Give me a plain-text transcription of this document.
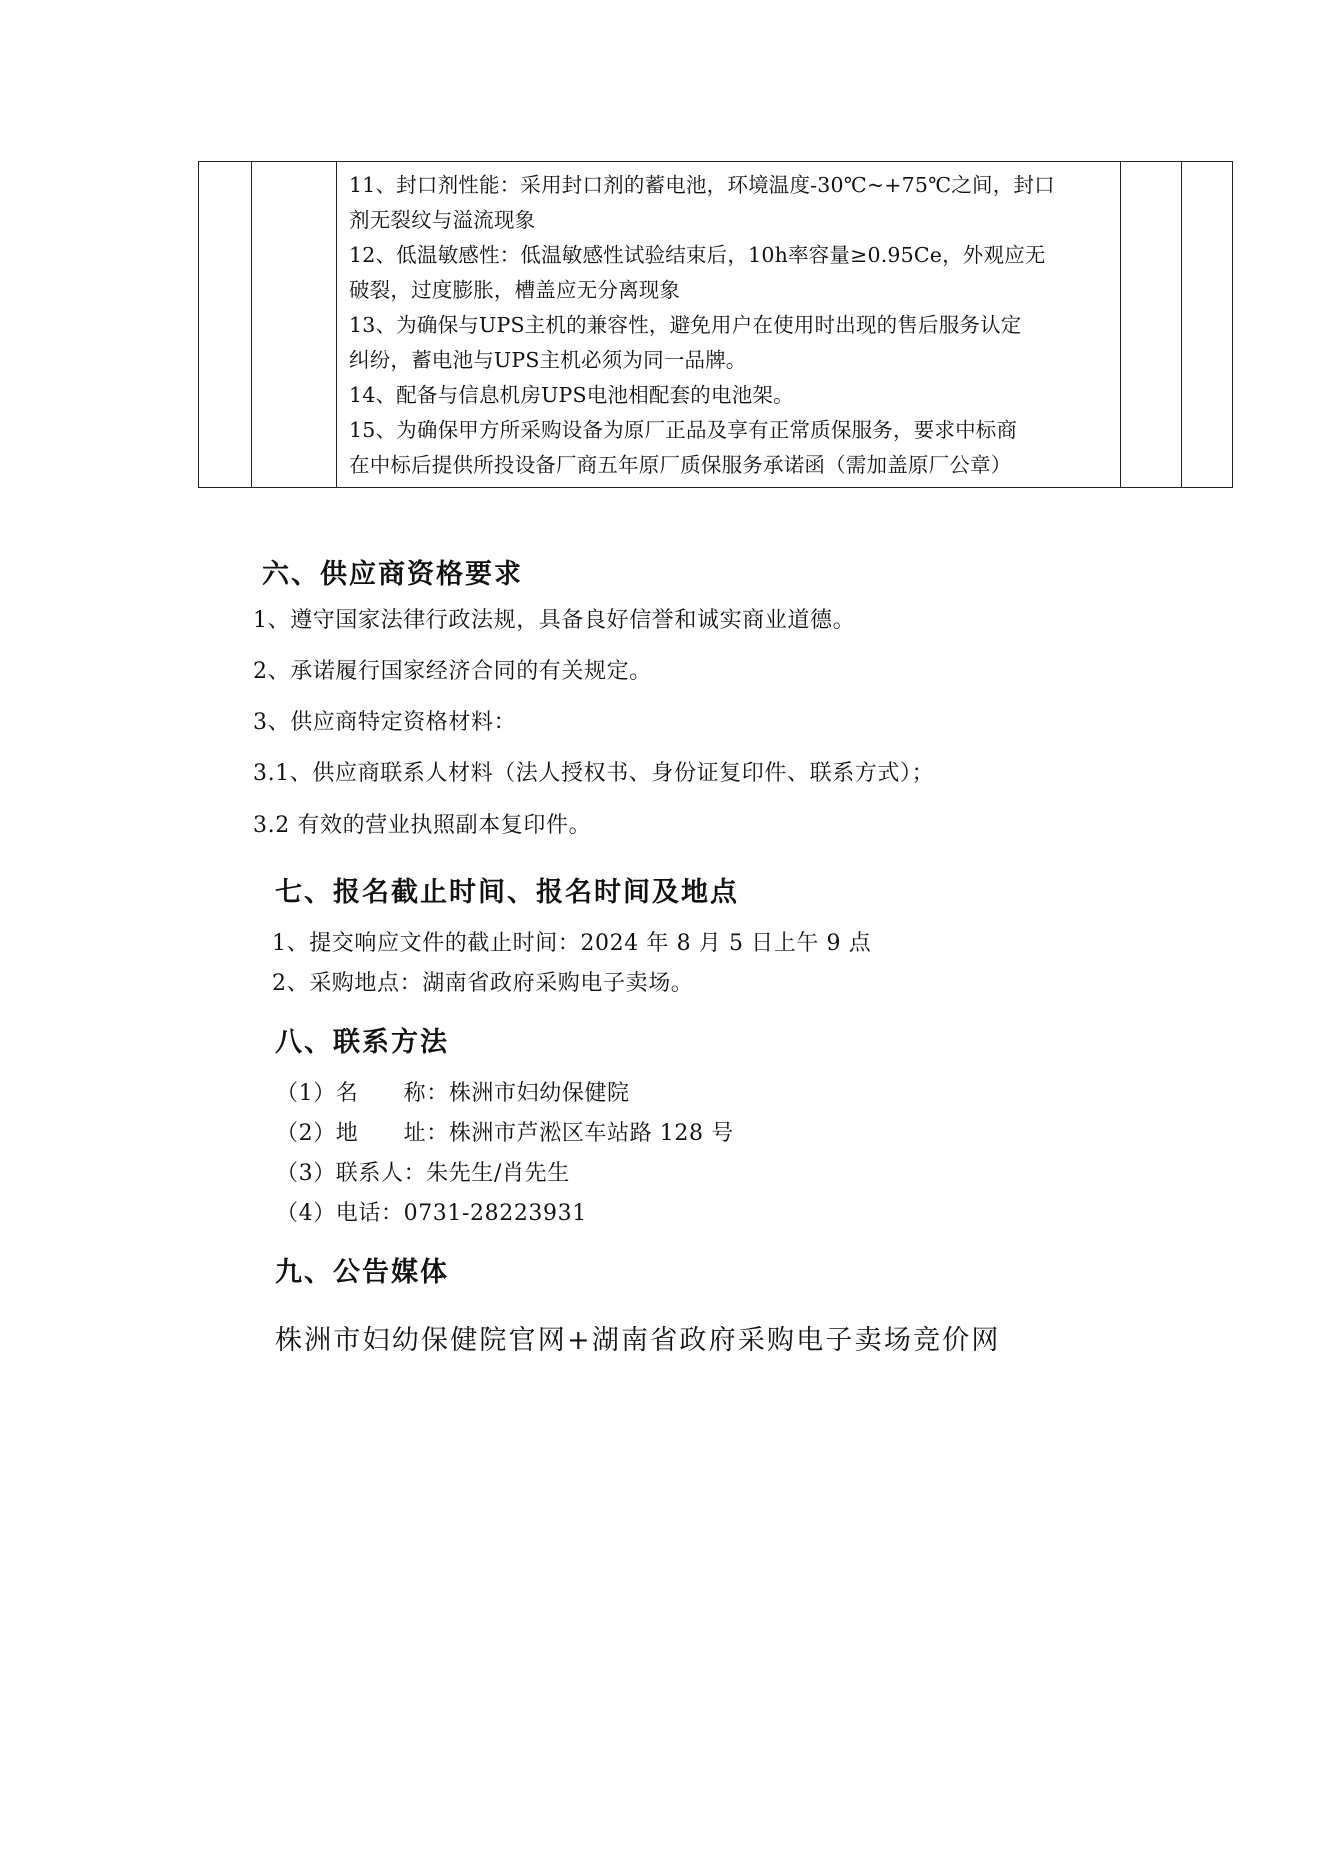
11、封口剂性能：采用封口剂的蓄电池，环境温度-30℃~+75℃之间，封口
剂无裂纹与溢流现象
12、低温敏感性：低温敏感性试验结束后，10h率容量≥0.95Ce，外观应无
破裂，过度膨胀，槽盖应无分离现象
13、为确保与UPS主机的兼容性，避免用户在使用时出现的售后服务认定
纠纷，蓄电池与UPS主机必须为同一品牌。
14、配备与信息机房UPS电池相配套的电池架。
15、为确保甲方所采购设备为原厂正品及享有正常质保服务，要求中标商
在中标后提供所投设备厂商五年原厂质保服务承诺函（需加盖原厂公章）

六、供应商资格要求
1、遵守国家法律行政法规，具备良好信誉和诚实商业道德。
2、承诺履行国家经济合同的有关规定。
3、供应商特定资格材料：
3.1、供应商联系人材料（法人授权书、身份证复印件、联系方式）；
3.2 有效的营业执照副本复印件。
七、报名截止时间、报名时间及地点
1、提交响应文件的截止时间：2024 年 8 月 5 日上午 9 点
2、采购地点：湖南省政府采购电子卖场。
八、联系方法
（1）名　　称：株洲市妇幼保健院
（2）地　　址：株洲市芦淞区车站路 128 号
（3）联系人：朱先生/肖先生
（4）电话：0731-28223931
九、公告媒体
株洲市妇幼保健院官网+湖南省政府采购电子卖场竞价网
